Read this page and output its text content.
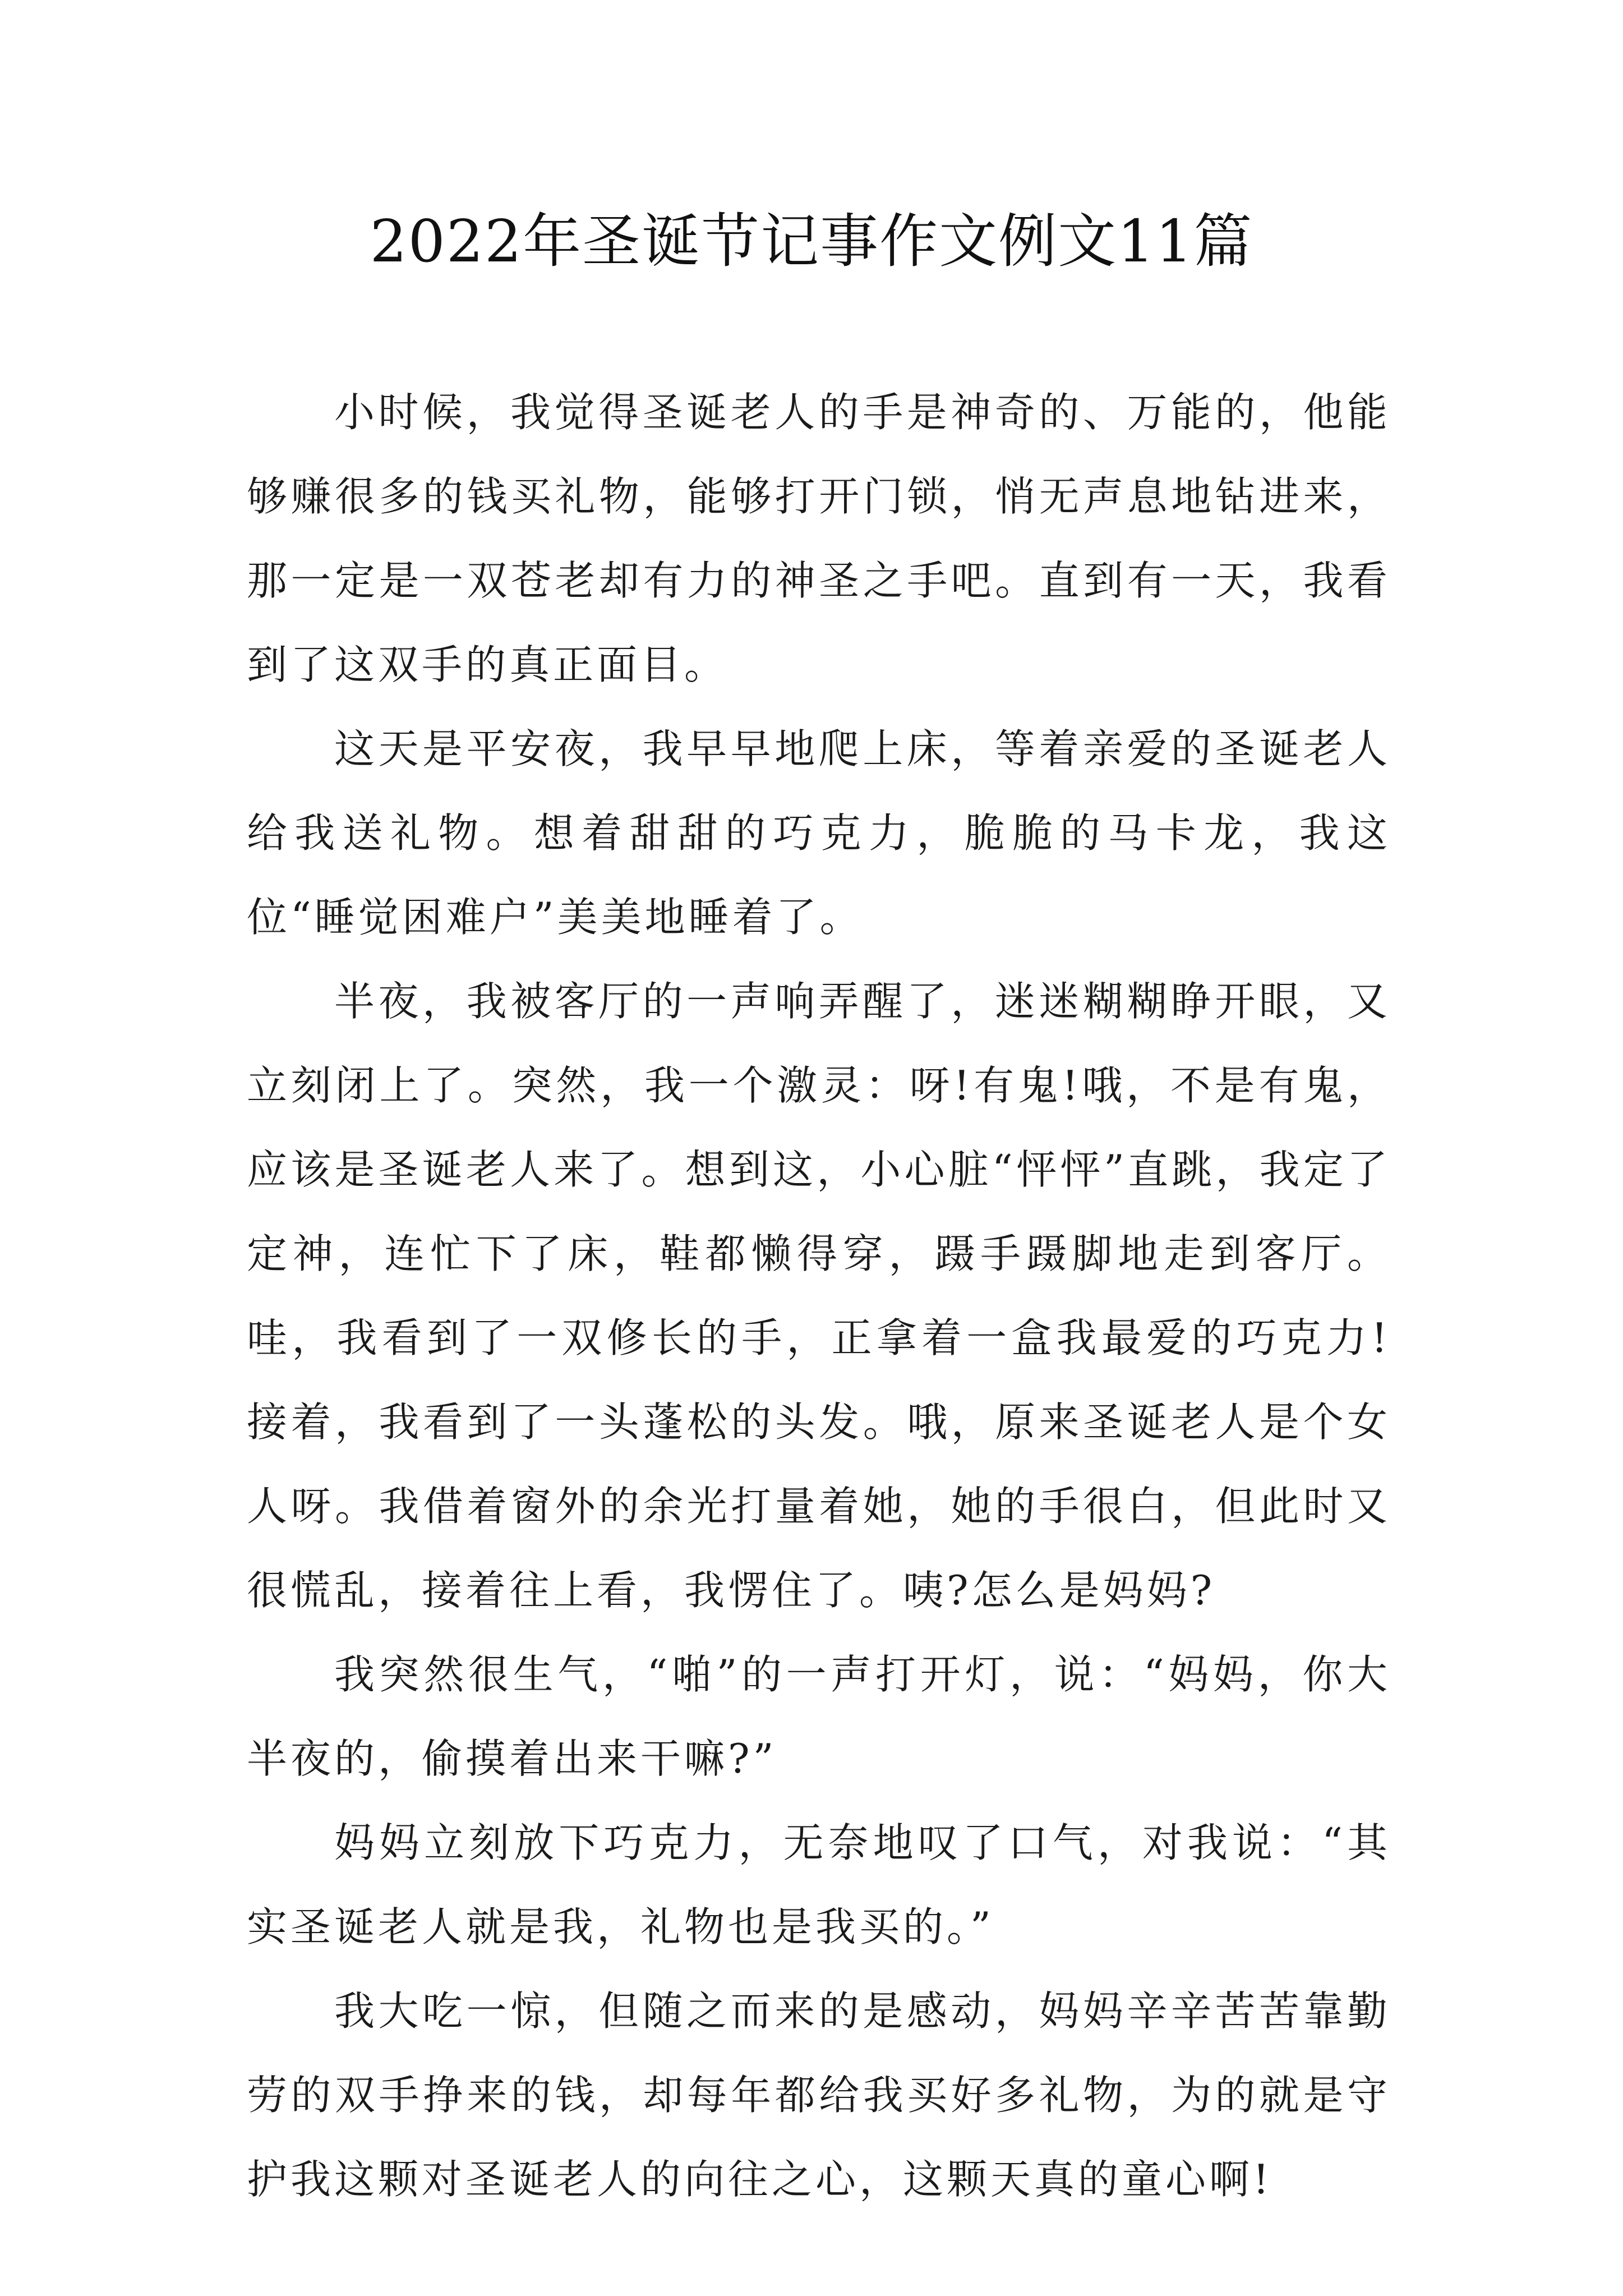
2022年圣诞节记事作文例文11篇

小时候，我觉得圣诞老人的手是神奇的、万能的，他能够赚很多的钱买礼物，能够打开门锁，悄无声息地钻进来，那一定是一双苍老却有力的神圣之手吧。直到有一天，我看到了这双手的真正面目。

这天是平安夜，我早早地爬上床，等着亲爱的圣诞老人给我送礼物。想着甜甜的巧克力，脆脆的马卡龙，我这位“睡觉困难户”美美地睡着了。

半夜，我被客厅的一声响弄醒了，迷迷糊糊睁开眼，又立刻闭上了。突然，我一个激灵：呀!有鬼!哦，不是有鬼，应该是圣诞老人来了。想到这，小心脏“怦怦”直跳，我定了定神，连忙下了床，鞋都懒得穿，蹑手蹑脚地走到客厅。哇，我看到了一双修长的手，正拿着一盒我最爱的巧克力!接着，我看到了一头蓬松的头发。哦，原来圣诞老人是个女人呀。我借着窗外的余光打量着她，她的手很白，但此时又很慌乱，接着往上看，我愣住了。咦?怎么是妈妈?

我突然很生气，“啪”的一声打开灯，说：“妈妈，你大半夜的，偷摸着出来干嘛?”

妈妈立刻放下巧克力，无奈地叹了口气，对我说：“其实圣诞老人就是我，礼物也是我买的。”

我大吃一惊，但随之而来的是感动，妈妈辛辛苦苦靠勤劳的双手挣来的钱，却每年都给我买好多礼物，为的就是守护我这颗对圣诞老人的向往之心，这颗天真的童心啊!
